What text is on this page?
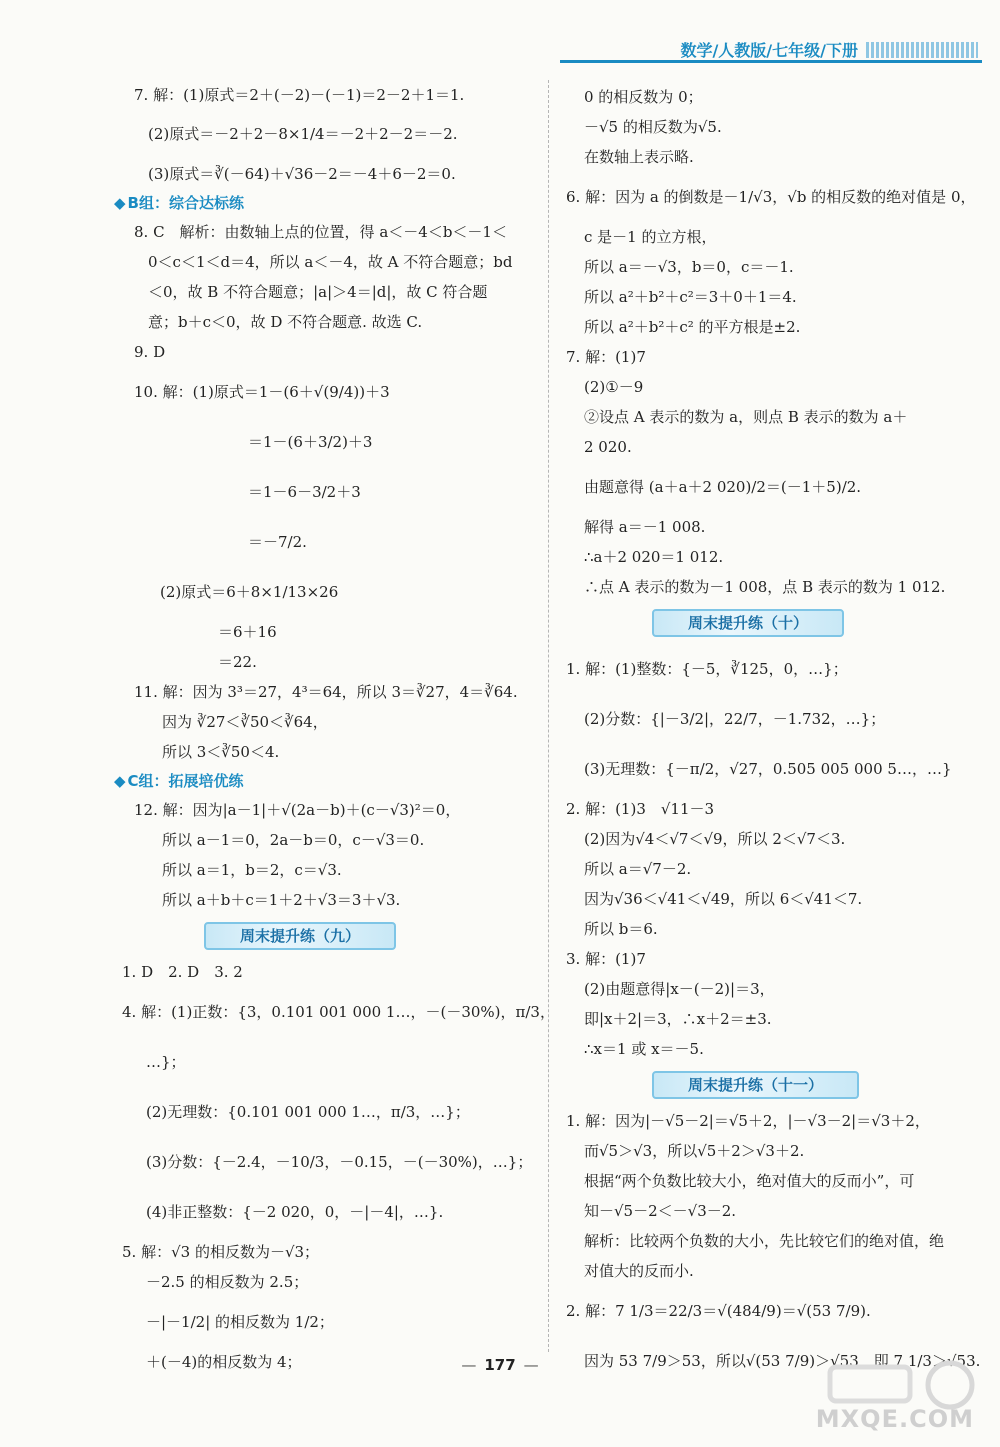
数学/人教版/七年级/下册
7. 解：(1)原式＝2＋(－2)－(－1)＝2－2＋1＝1.
(2)原式＝－2＋2－8×1/4＝－2＋2－2＝－2.
(3)原式＝∛(－64)＋√36－2＝－4＋6－2＝0.
◆ B组：综合达标练
8. C　解析：由数轴上点的位置，得 a＜－4＜b＜－1＜
0＜c＜1＜d＝4，所以 a＜－4，故 A 不符合题意；bd
＜0，故 B 不符合题意；|a|＞4＝|d|，故 C 符合题
意；b＋c＜0，故 D 不符合题意. 故选 C.
9. D
10. 解：(1)原式＝1－(6＋√(9/4))＋3
＝1－(6＋3/2)＋3
＝1－6－3/2＋3
＝－7/2.
(2)原式＝6＋8×1/13×26
＝6＋16
＝22.
11. 解：因为 3³＝27，4³＝64，所以 3＝∛27，4＝∛64.
因为 ∛27＜∛50＜∛64，
所以 3＜∛50＜4.
◆ C组：拓展培优练
12. 解：因为|a－1|＋√(2a－b)＋(c－√3)²＝0，
所以 a－1＝0，2a－b＝0，c－√3＝0.
所以 a＝1，b＝2，c＝√3.
所以 a＋b＋c＝1＋2＋√3＝3＋√3.
周末提升练（九）
1. D　2. D　3. 2
4. 解：(1)正数：{3，0.101 001 000 1…，－(－30%)，π/3，
…}；
(2)无理数：{0.101 001 000 1…，π/3，…}；
(3)分数：{－2.4，－10/3，－0.15，－(－30%)，…}；
(4)非正整数：{－2 020，0，－|－4|，…}.
5. 解：√3 的相反数为－√3；
－2.5 的相反数为 2.5；
－|－1/2| 的相反数为 1/2；
＋(－4)的相反数为 4；
0 的相反数为 0；
－√5 的相反数为√5.
在数轴上表示略.
6. 解：因为 a 的倒数是－1/√3，√b 的相反数的绝对值是 0，
c 是－1 的立方根，
所以 a＝－√3，b＝0，c＝－1.
所以 a²＋b²＋c²＝3＋0＋1＝4.
所以 a²＋b²＋c² 的平方根是±2.
7. 解：(1)7
(2)①－9
②设点 A 表示的数为 a，则点 B 表示的数为 a＋
2 020.
由题意得 (a＋a＋2 020)/2＝(－1＋5)/2.
解得 a＝－1 008.
∴a＋2 020＝1 012.
∴点 A 表示的数为－1 008，点 B 表示的数为 1 012.
周末提升练（十）
1. 解：(1)整数：{－5，∛125，0，…}；
(2)分数：{|－3/2|，22/7，－1.732，…}；
(3)无理数：{－π/2，√27，0.505 005 000 5…，…}
2. 解：(1)3　√11－3
(2)因为√4＜√7＜√9，所以 2＜√7＜3.
所以 a＝√7－2.
因为√36＜√41＜√49，所以 6＜√41＜7.
所以 b＝6.
3. 解：(1)7
(2)由题意得|x－(－2)|＝3，
即|x＋2|＝3，∴x＋2＝±3.
∴x＝1 或 x＝－5.
周末提升练（十一）
1. 解：因为|－√5－2|＝√5＋2，|－√3－2|＝√3＋2，
而√5＞√3，所以√5＋2＞√3＋2.
根据“两个负数比较大小，绝对值大的反而小”，可
知－√5－2＜－√3－2.
解析：比较两个负数的大小，先比较它们的绝对值，绝
对值大的反而小.
2. 解：7 1/3＝22/3＝√(484/9)＝√(53 7/9).
因为 53 7/9＞53，所以√(53 7/9)＞√53，即 7 1/3＞√53.
— 177 —
MXQE.COM
